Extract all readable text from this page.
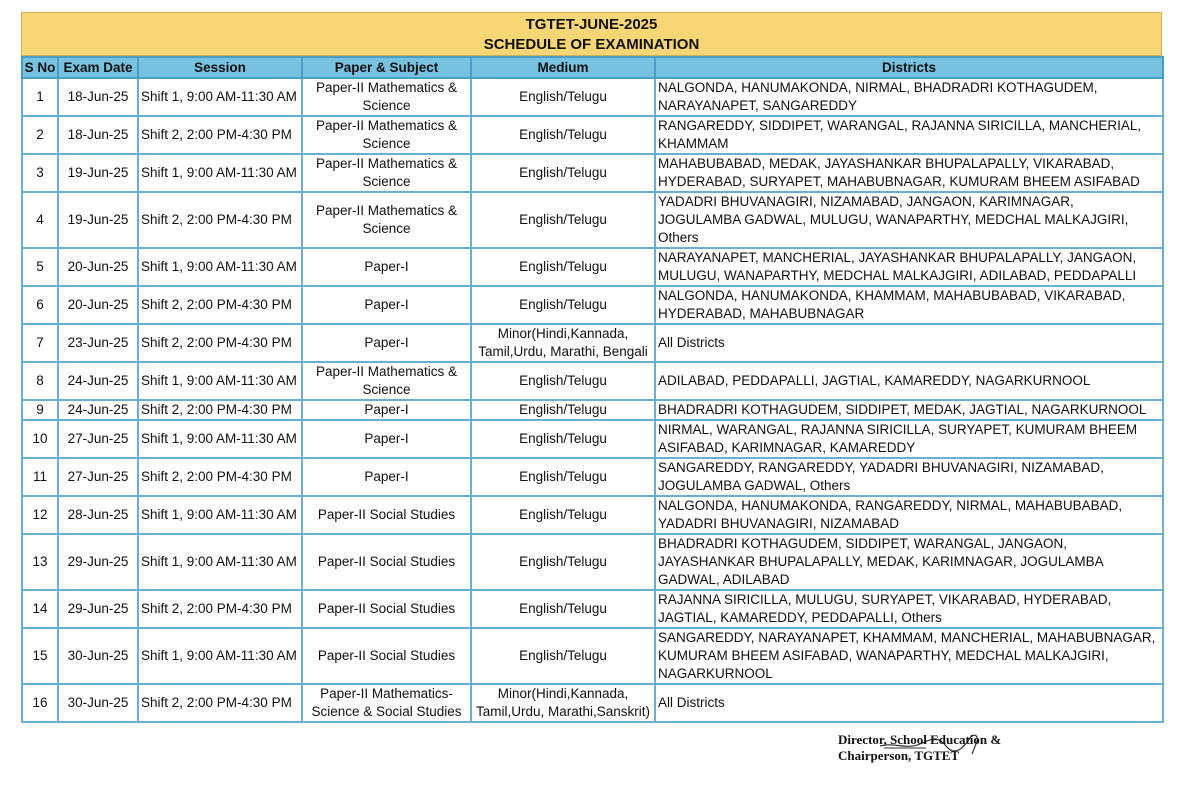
TGTET-JUNE-2025
SCHEDULE OF EXAMINATION
S No	Exam Date	Session	Paper & Subject	Medium	Districts
1	18-Jun-25	Shift 1, 9:00 AM-11:30 AM	Paper-II Mathematics & Science	English/Telugu	NALGONDA, HANUMAKONDA, NIRMAL, BHADRADRI KOTHAGUDEM, NARAYANAPET, SANGAREDDY
2	18-Jun-25	Shift 2, 2:00 PM-4:30 PM	Paper-II Mathematics & Science	English/Telugu	RANGAREDDY, SIDDIPET, WARANGAL, RAJANNA SIRICILLA, MANCHERIAL, KHAMMAM
3	19-Jun-25	Shift 1, 9:00 AM-11:30 AM	Paper-II Mathematics & Science	English/Telugu	MAHABUBABAD, MEDAK, JAYASHANKAR BHUPALAPALLY, VIKARABAD, HYDERABAD, SURYAPET, MAHABUBNAGAR, KUMURAM BHEEM ASIFABAD
4	19-Jun-25	Shift 2, 2:00 PM-4:30 PM	Paper-II Mathematics & Science	English/Telugu	YADADRI BHUVANAGIRI, NIZAMABAD, JANGAON, KARIMNAGAR, JOGULAMBA GADWAL, MULUGU, WANAPARTHY, MEDCHAL MALKAJGIRI, Others
5	20-Jun-25	Shift 1, 9:00 AM-11:30 AM	Paper-I	English/Telugu	NARAYANAPET, MANCHERIAL, JAYASHANKAR BHUPALAPALLY, JANGAON, MULUGU, WANAPARTHY, MEDCHAL MALKAJGIRI, ADILABAD, PEDDAPALLI
6	20-Jun-25	Shift 2, 2:00 PM-4:30 PM	Paper-I	English/Telugu	NALGONDA, HANUMAKONDA, KHAMMAM, MAHABUBABAD, VIKARABAD, HYDERABAD, MAHABUBNAGAR
7	23-Jun-25	Shift 2, 2:00 PM-4:30 PM	Paper-I	Minor(Hindi,Kannada, Tamil,Urdu, Marathi, Bengali	All Districts
8	24-Jun-25	Shift 1, 9:00 AM-11:30 AM	Paper-II Mathematics & Science	English/Telugu	ADILABAD, PEDDAPALLI, JAGTIAL, KAMAREDDY, NAGARKURNOOL
9	24-Jun-25	Shift 2, 2:00 PM-4:30 PM	Paper-I	English/Telugu	BHADRADRI KOTHAGUDEM, SIDDIPET, MEDAK, JAGTIAL, NAGARKURNOOL
10	27-Jun-25	Shift 1, 9:00 AM-11:30 AM	Paper-I	English/Telugu	NIRMAL, WARANGAL, RAJANNA SIRICILLA, SURYAPET, KUMURAM BHEEM ASIFABAD, KARIMNAGAR, KAMAREDDY
11	27-Jun-25	Shift 2, 2:00 PM-4:30 PM	Paper-I	English/Telugu	SANGAREDDY, RANGAREDDY, YADADRI BHUVANAGIRI, NIZAMABAD, JOGULAMBA GADWAL, Others
12	28-Jun-25	Shift 1, 9:00 AM-11:30 AM	Paper-II Social Studies	English/Telugu	NALGONDA, HANUMAKONDA, RANGAREDDY, NIRMAL, MAHABUBABAD, YADADRI BHUVANAGIRI, NIZAMABAD
13	29-Jun-25	Shift 1, 9:00 AM-11:30 AM	Paper-II Social Studies	English/Telugu	BHADRADRI KOTHAGUDEM, SIDDIPET, WARANGAL, JANGAON, JAYASHANKAR BHUPALAPALLY, MEDAK, KARIMNAGAR, JOGULAMBA GADWAL, ADILABAD
14	29-Jun-25	Shift 2, 2:00 PM-4:30 PM	Paper-II Social Studies	English/Telugu	RAJANNA SIRICILLA, MULUGU, SURYAPET, VIKARABAD, HYDERABAD, JAGTIAL, KAMAREDDY, PEDDAPALLI, Others
15	30-Jun-25	Shift 1, 9:00 AM-11:30 AM	Paper-II Social Studies	English/Telugu	SANGAREDDY, NARAYANAPET, KHAMMAM, MANCHERIAL, MAHABUBNAGAR, KUMURAM BHEEM ASIFABAD, WANAPARTHY, MEDCHAL MALKAJGIRI, NAGARKURNOOL
16	30-Jun-25	Shift 2, 2:00 PM-4:30 PM	Paper-II Mathematics-Science & Social Studies	Minor(Hindi,Kannada, Tamil,Urdu, Marathi,Sanskrit)	All Districts
Director, School Education &
Chairperson, TGTET
